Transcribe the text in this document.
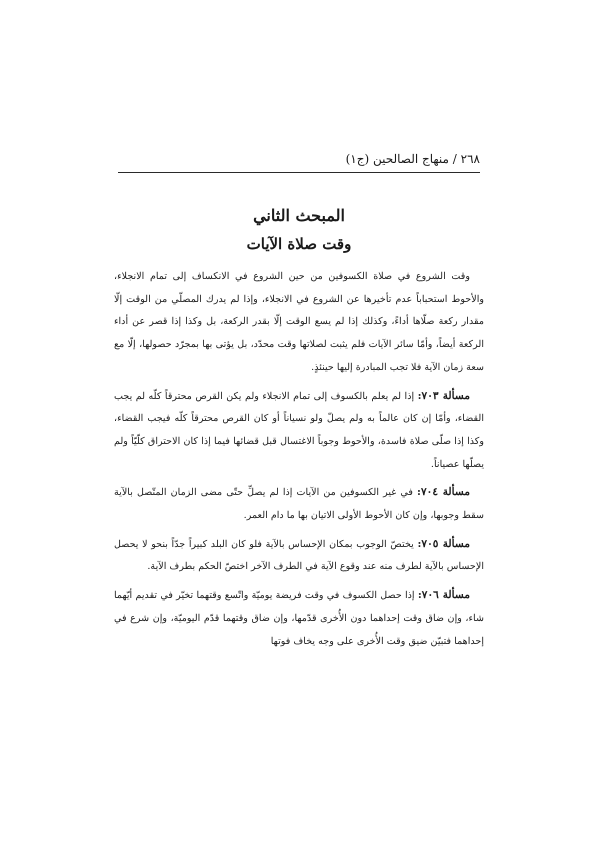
٢٦٨ / منهاج الصالحين (ج١)
المبحث الثاني
وقت صلاة الآيات

وقت الشروع في صلاة الكسوفين من حين الشروع في الانكساف إلى تمام الانجلاء، والأحوط استحباباً عدم تأخيرها عن الشروع في الانجلاء، وإذا لم يدرك المصلّي من الوقت إلّا مقدار ركعة صلّاها أداءً، وكذلك إذا لم يسع الوقت إلّا بقدر الركعة، بل وكذا إذا قصر عن أداء الركعة أيضاً، وأمّا سائر الآيات فلم يثبت لصلاتها وقت محدّد، بل يؤتى بها بمجرّد حصولها، إلّا مع سعة زمان الآية فلا تجب المبادرة إليها حينئذٍ.

مسألة ٧٠٣: إذا لم يعلم بالكسوف إلى تمام الانجلاء ولم يكن القرص محترقاً كلّه لم يجب القضاء، وأمّا إن كان عالماً به ولم يصلّ ولو نسياناً أو كان القرص محترقاً كلّه فيجب القضاء، وكذا إذا صلّى صلاة فاسدة، والأحوط وجوباً الاغتسال قبل قضائها فيما إذا كان الاحتراق كلّيّاً ولم يصلّها عصياناً.

مسألة ٧٠٤: في غير الكسوفين من الآيات إذا لم يصلِّ حتّى مضى الزمان المتّصل بالآية سقط وجوبها، وإن كان الأحوط الأولى الاتيان بها ما دام العمر.

مسألة ٧٠٥: يختصّ الوجوب بمكان الإحساس بالآية فلو كان البلد كبيراً جدّاً بنحو لا يحصل الإحساس بالآية لطرف منه عند وقوع الآية في الطرف الآخر اختصّ الحكم بطرف الآية.

مسألة ٧٠٦: إذا حصل الكسوف في وقت فريضة يوميّة واتّسع وقتهما تخيّر في تقديم أيّهما شاء، وإن ضاق وقت إحداهما دون الأُخرى قدّمها، وإن ضاق وقتهما قدّم اليوميّة، وإن شرع في إحداهما فتبيّن ضيق وقت الأُخرى على وجه يخاف فوتها
